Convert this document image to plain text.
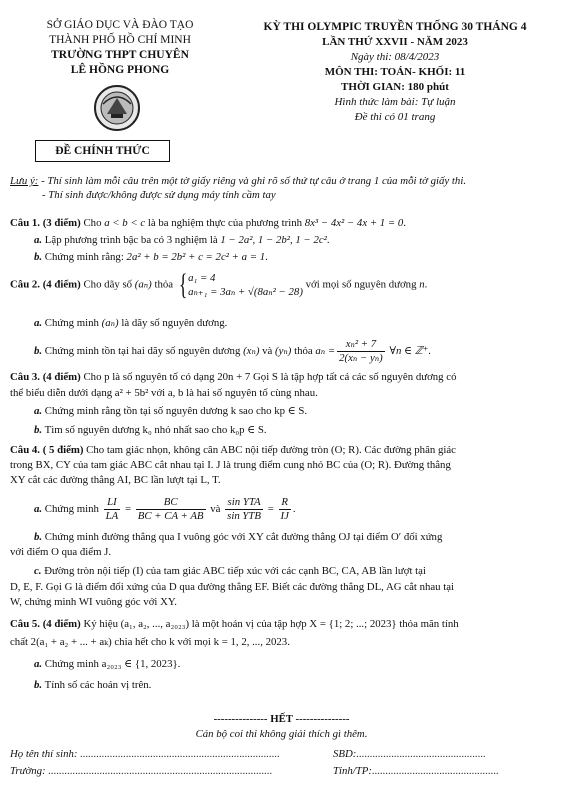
SỞ GIÁO DỤC VÀ ĐÀO TẠO
THÀNH PHỐ HỒ CHÍ MINH
TRƯỜNG THPT CHUYÊN
LÊ HỒNG PHONG
ĐỀ CHÍNH THỨC
KỲ THI OLYMPIC TRUYỀN THỐNG 30 THÁNG 4
LẦN THỨ XXVII - NĂM 2023
Ngày thi: 08/4/2023
MÔN THI: TOÁN- KHỐI: 11
THỜI GIAN: 180 phút
Hình thức làm bài: Tự luận
Đề thi có 01 trang
Lưu ý: - Thí sinh làm mỗi câu trên một tờ giấy riêng và ghi rõ số thứ tự câu ở trang 1 của mỗi tờ giấy thi.
- Thí sinh được/không được sử dụng máy tính cầm tay
Câu 1. (3 điểm) Cho a < b < c là ba nghiệm thực của phương trình 8x³ − 4x² − 4x + 1 = 0.
a. Lập phương trình bậc ba có 3 nghiệm là 1 − 2a², 1 − 2b², 1 − 2c².
b. Chứng minh rằng: 2a² + b = 2b² + c = 2c² + a = 1.
Câu 2. (4 điểm) Cho dãy số (aₙ) thỏa { a₁ = 4
aₙ₊₁ = 3aₙ + √(8aₙ² − 28)
với mọi số nguyên dương n.
a. Chứng minh (aₙ) là dãy số nguyên dương.
b. Chứng minh tồn tại hai dãy số nguyên dương (xₙ) và (yₙ) thỏa $a_n = \frac{\text{xₙ² + 7}}{\text{2(xₙ − yₙ)}}$ ∀n ∈ ℤ⁺.
Câu 3. (4 điểm) Cho p là số nguyên tố có dạng 20n + 7 Gọi S là tập hợp tất cả các số nguyên dương có
thể biểu diễn dưới dạng a² + 5b² với a, b là hai số nguyên tố cùng nhau.
a. Chứng minh rằng tồn tại số nguyên dương k sao cho kp ∈ S.
b. Tìm số nguyên dương k₀ nhỏ nhất sao cho k₀p ∈ S.
Câu 4. ( 5 điểm) Cho tam giác nhọn, không cân ABC nội tiếp đường tròn (O; R). Các đường phân giác
trong BX, CY của tam giác ABC cắt nhau tại I. J là trung điểm cung nhỏ BC của (O; R). Đường thẳng
XY cắt các đường thẳng AI, BC lần lượt tại L, T.
a. Chứng minh $\frac{LI}{LA} = \frac{BC}{BC + CA + AB}$ và $\frac{\text{sin YTA}}{\text{sin YTB}} = \frac{R}{IJ}$ .
b. Chứng minh đường thẳng qua I vuông góc với XY cắt đường thẳng OJ tại điểm O′ đối xứng
với điểm O qua điểm J.
c. Đường tròn nội tiếp (I) của tam giác ABC tiếp xúc với các cạnh BC, CA, AB lần lượt tại
D, E, F. Gọi G là điểm đối xứng của D qua đường thẳng EF. Biết các đường thẳng DL, AG cắt nhau tại
W, chứng minh WI vuông góc với XY.
Câu 5. (4 điểm) Ký hiệu (a₁, a₂, ..., a₂₀₂₃) là một hoán vị của tập hợp X = {1; 2; ...; 2023} thỏa mãn tính
chất 2(a₁ + a₂ + ... + aₖ) chia hết cho k với mọi k = 1, 2, ..., 2023.
a. Chứng minh a₂₀₂₃ ∈ {1, 2023}.
b. Tính số các hoán vị trên.
--------------- HẾT ---------------
Cán bộ coi thi không giải thích gì thêm.
Họ tên thí sinh: ..........................................................................	SBD:................................................
Trường: ...................................................................................	Tỉnh/TP:...............................................
